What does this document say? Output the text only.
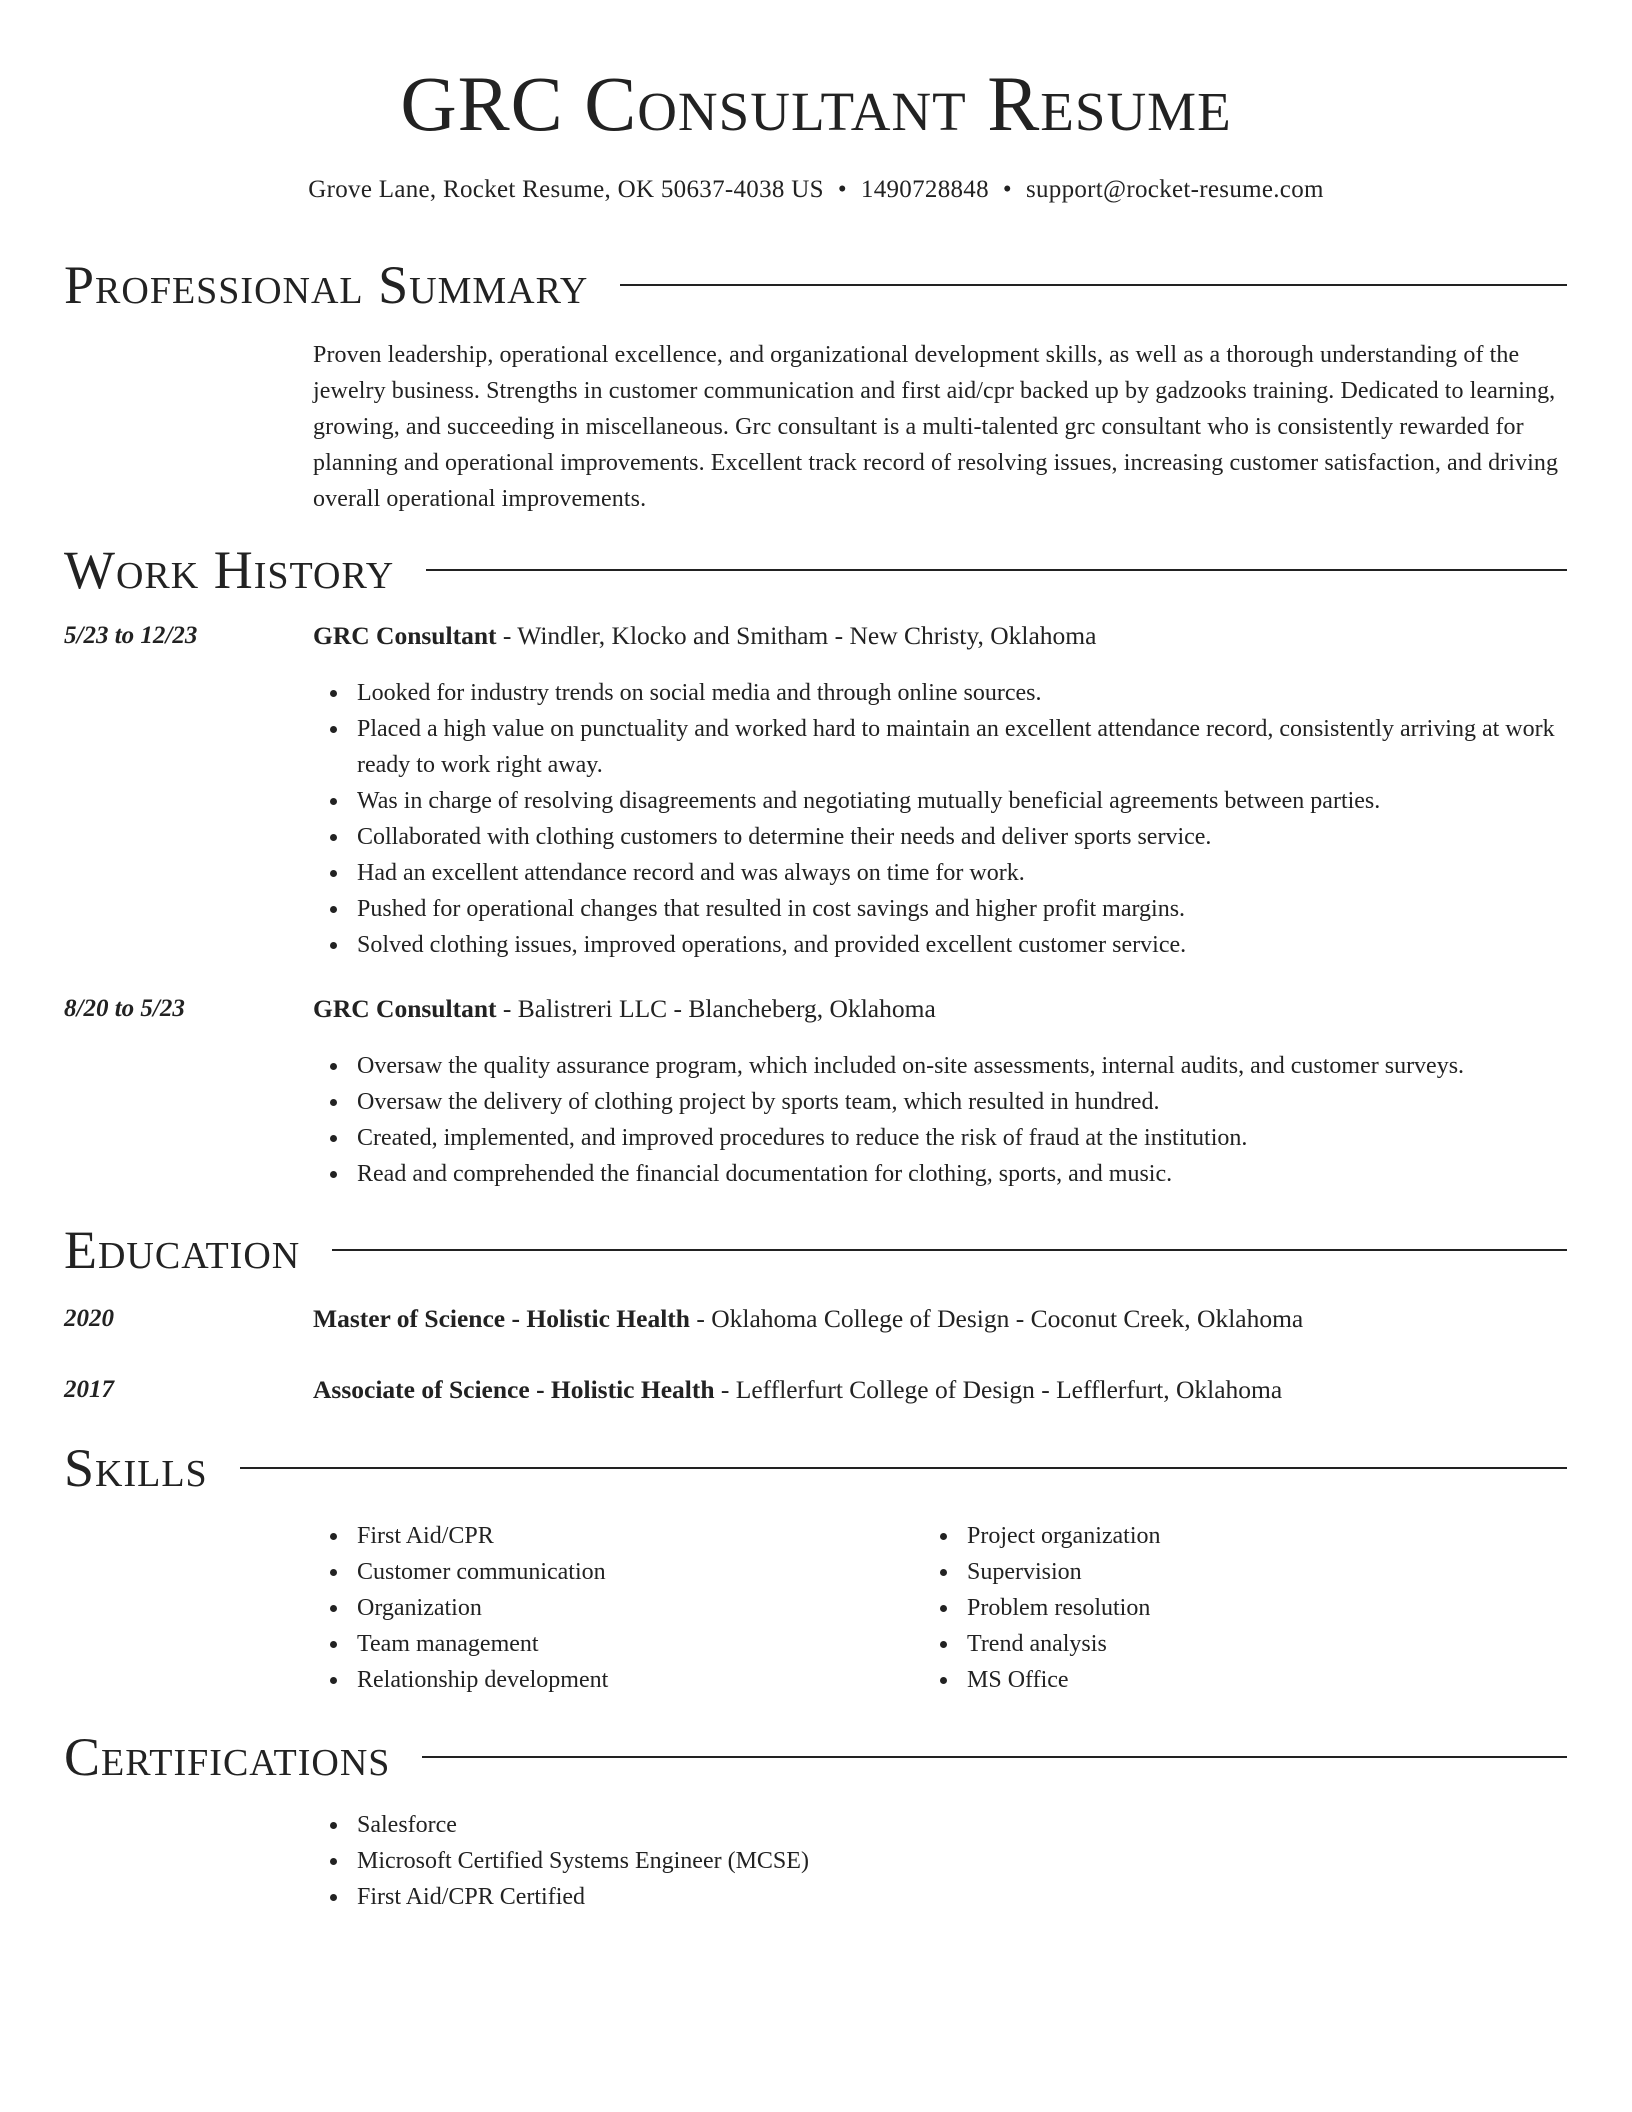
GRC Consultant Resume
Grove Lane, Rocket Resume, OK 50637-4038 US • 1490728848 • support@rocket-resume.com
Professional Summary

Proven leadership, operational excellence, and organizational development skills, as well as a thorough understanding of the jewelry business. Strengths in customer communication and first aid/cpr backed up by gadzooks training. Dedicated to learning, growing, and succeeding in miscellaneous. Grc consultant is a multi-talented grc consultant who is consistently rewarded for planning and operational improvements. Excellent track record of resolving issues, increasing customer satisfaction, and driving overall operational improvements.

Work History
5/23 to 12/23	GRC Consultant - Windler, Klocko and Smitham - New Christy, Oklahoma
Looked for industry trends on social media and through online sources.
Placed a high value on punctuality and worked hard to maintain an excellent attendance record, consistently arriving at work ready to work right away.
Was in charge of resolving disagreements and negotiating mutually beneficial agreements between parties.
Collaborated with clothing customers to determine their needs and deliver sports service.
Had an excellent attendance record and was always on time for work.
Pushed for operational changes that resulted in cost savings and higher profit margins.
Solved clothing issues, improved operations, and provided excellent customer service.
8/20 to 5/23	GRC Consultant - Balistreri LLC - Blancheberg, Oklahoma
Oversaw the quality assurance program, which included on-site assessments, internal audits, and customer surveys.
Oversaw the delivery of clothing project by sports team, which resulted in hundred.
Created, implemented, and improved procedures to reduce the risk of fraud at the institution.
Read and comprehended the financial documentation for clothing, sports, and music.
Education
2020	Master of Science - Holistic Health - Oklahoma College of Design - Coconut Creek, Oklahoma
2017	Associate of Science - Holistic Health - Lefflerfurt College of Design - Lefflerfurt, Oklahoma
Skills
First Aid/CPR
Customer communication
Organization
Team management
Relationship development
Project organization
Supervision
Problem resolution
Trend analysis
MS Office
Certifications
Salesforce
Microsoft Certified Systems Engineer (MCSE)
First Aid/CPR Certified
